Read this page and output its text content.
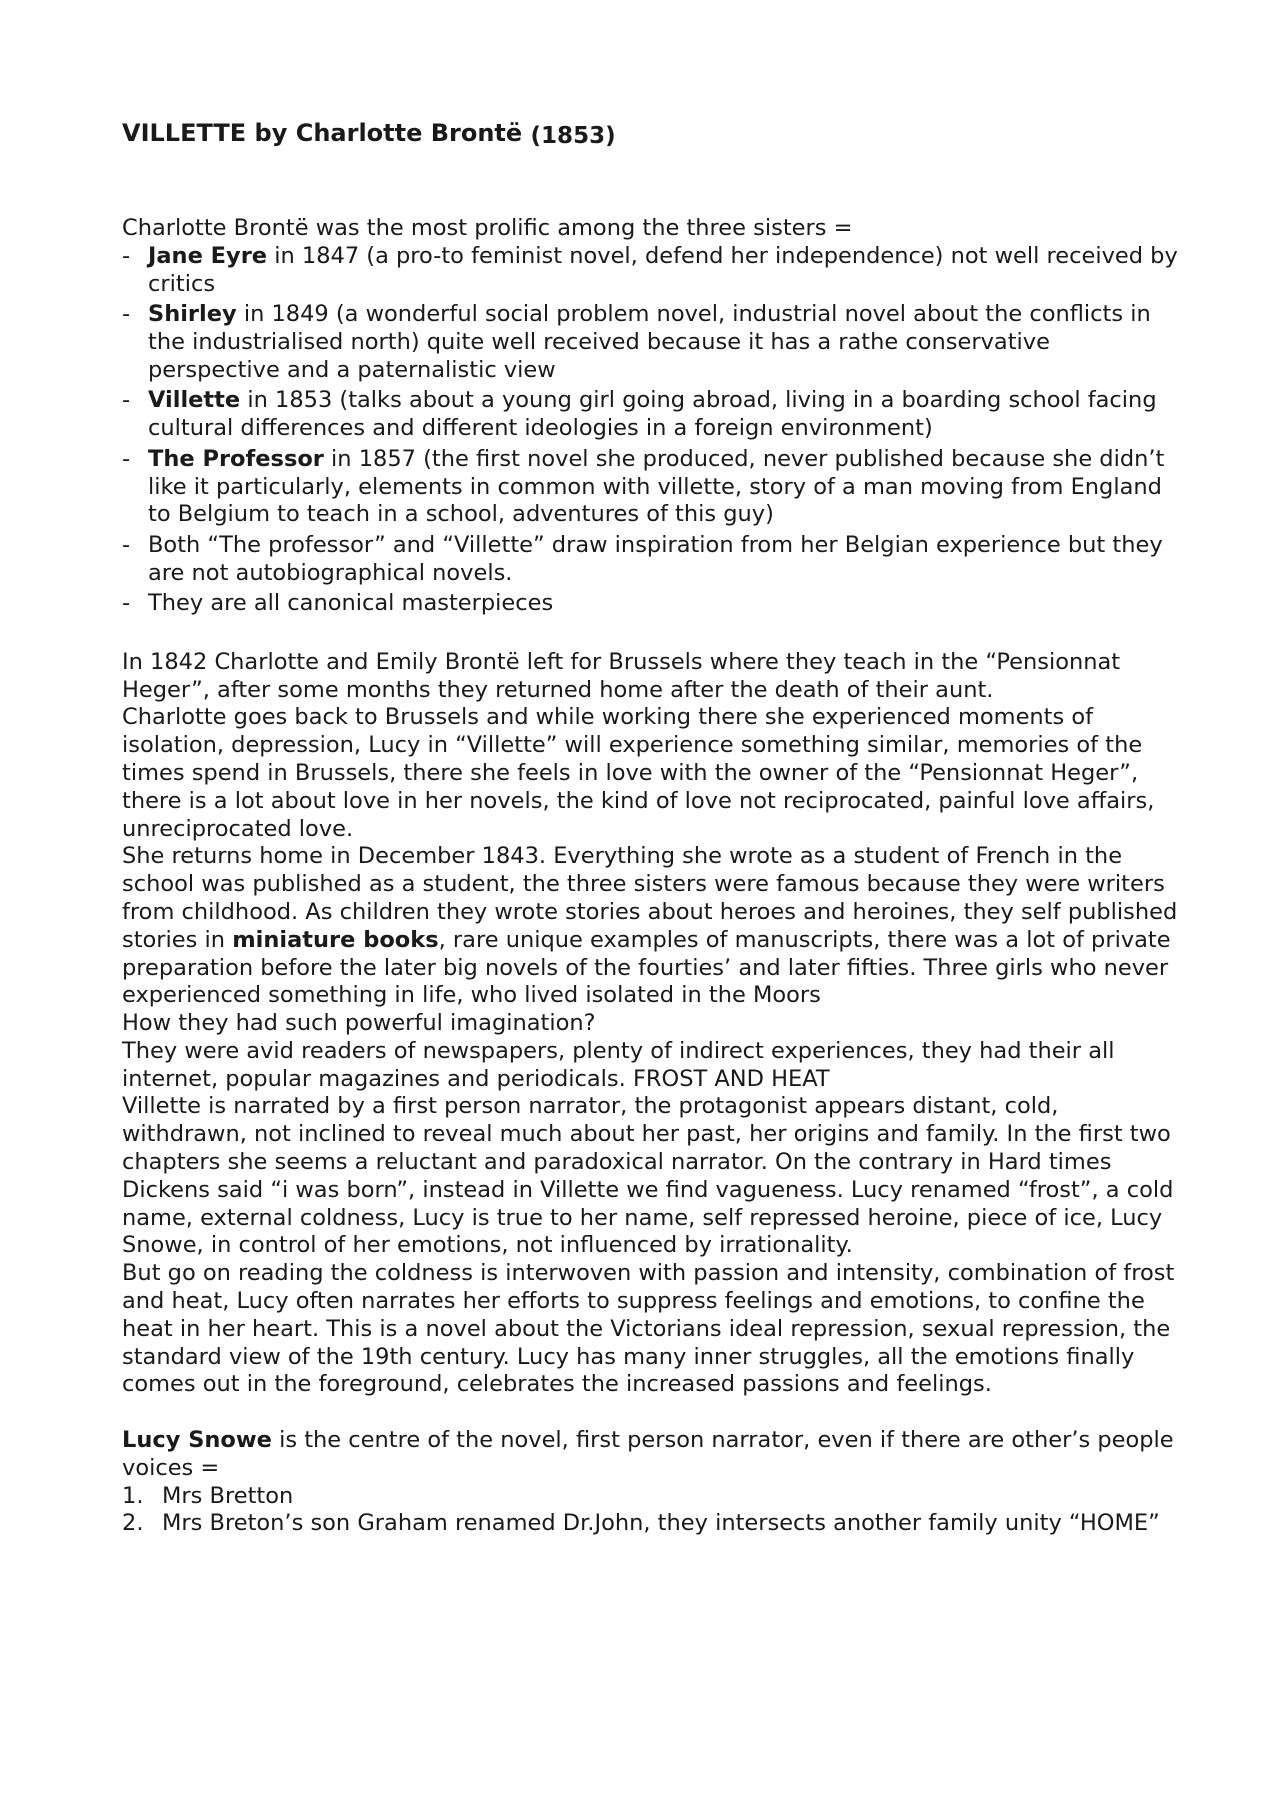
VILLETTE by Charlotte Brontë (1853)

Charlotte Brontë was the most prolific among the three sisters =

- Jane Eyre in 1847 (a pro-to feminist novel, defend her independence) not well received by critics
- Shirley in 1849 (a wonderful social problem novel, industrial novel about the conflicts in the industrialised north) quite well received because it has a rathe conservative perspective and a paternalistic view
- Villette in 1853 (talks about a young girl going abroad, living in a boarding school facing cultural differences and different ideologies in a foreign environment)
- The Professor in 1857 (the first novel she produced, never published because she didn’t like it particularly, elements in common with villette, story of a man moving from England to Belgium to teach in a school, adventures of this guy)
- Both “The professor” and “Villette” draw inspiration from her Belgian experience but they are not autobiographical novels.
- They are all canonical masterpieces

In 1842 Charlotte and Emily Brontë left for Brussels where they teach in the “Pensionnat Heger”, after some months they returned home after the death of their aunt.

Charlotte goes back to Brussels and while working there she experienced moments of isolation, depression, Lucy in “Villette” will experience something similar, memories of the times spend in Brussels, there she feels in love with the owner of the “Pensionnat Heger”, there is a lot about love in her novels, the kind of love not reciprocated, painful love affairs, unreciprocated love.

She returns home in December 1843. Everything she wrote as a student of French in the school was published as a student, the three sisters were famous because they were writers from childhood. As children they wrote stories about heroes and heroines, they self published stories in miniature books, rare unique examples of manuscripts, there was a lot of private preparation before the later big novels of the fourties’ and later fifties. Three girls who never experienced something in life, who lived isolated in the Moors

How they had such powerful imagination?

They were avid readers of newspapers, plenty of indirect experiences, they had their all internet, popular magazines and periodicals. FROST AND HEAT

Villette is narrated by a first person narrator, the protagonist appears distant, cold, withdrawn, not inclined to reveal much about her past, her origins and family. In the first two chapters she seems a reluctant and paradoxical narrator. On the contrary in Hard times Dickens said “i was born”, instead in Villette we find vagueness. Lucy renamed “frost”, a cold name, external coldness, Lucy is true to her name, self repressed heroine, piece of ice, Lucy Snowe, in control of her emotions, not influenced by irrationality.

But go on reading the coldness is interwoven with passion and intensity, combination of frost and heat, Lucy often narrates her efforts to suppress feelings and emotions, to confine the heat in her heart. This is a novel about the Victorians ideal repression, sexual repression, the standard view of the 19th century. Lucy has many inner struggles, all the emotions finally comes out in the foreground, celebrates the increased passions and feelings.

Lucy Snowe is the centre of the novel, first person narrator, even if there are other’s people voices =

1. Mrs Bretton
2. Mrs Breton’s son Graham renamed Dr.John, they intersects another family unity “HOME”
